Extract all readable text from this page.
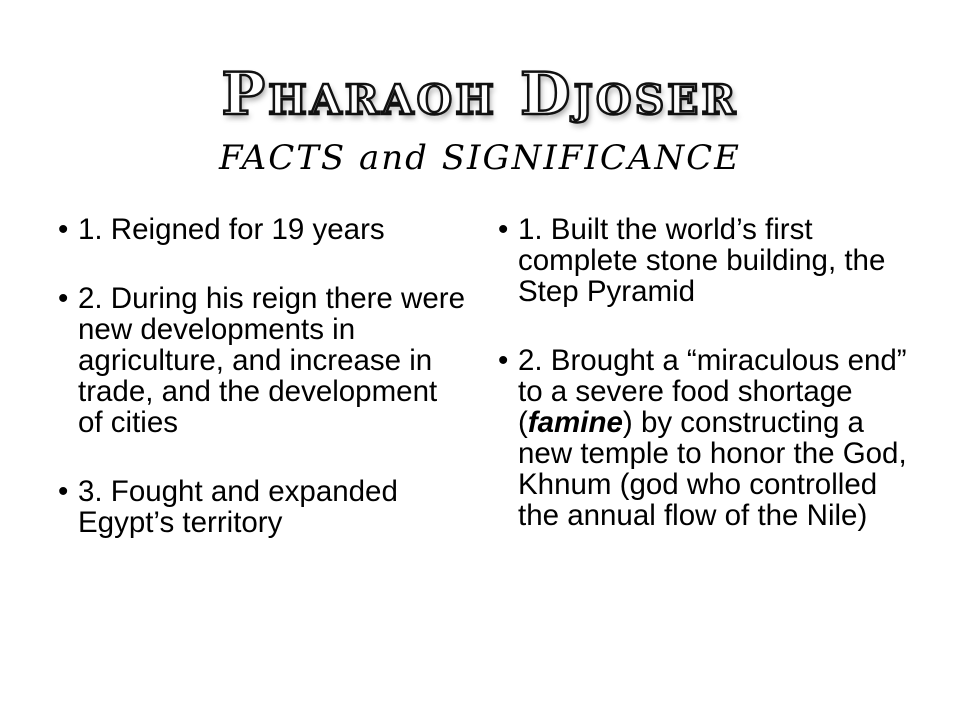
Pharaoh Djoser
FACTS and SIGNIFICANCE
• 1. Reigned for 19 years
• 2. During his reign there were new developments in agriculture, and increase in trade, and the development of cities
• 3. Fought and expanded Egypt’s territory
• 1. Built the world’s first complete stone building, the Step Pyramid
• 2. Brought a “miraculous end” to a severe food shortage (famine) by constructing a new temple to honor the God, Khnum (god who controlled the annual flow of the Nile)
